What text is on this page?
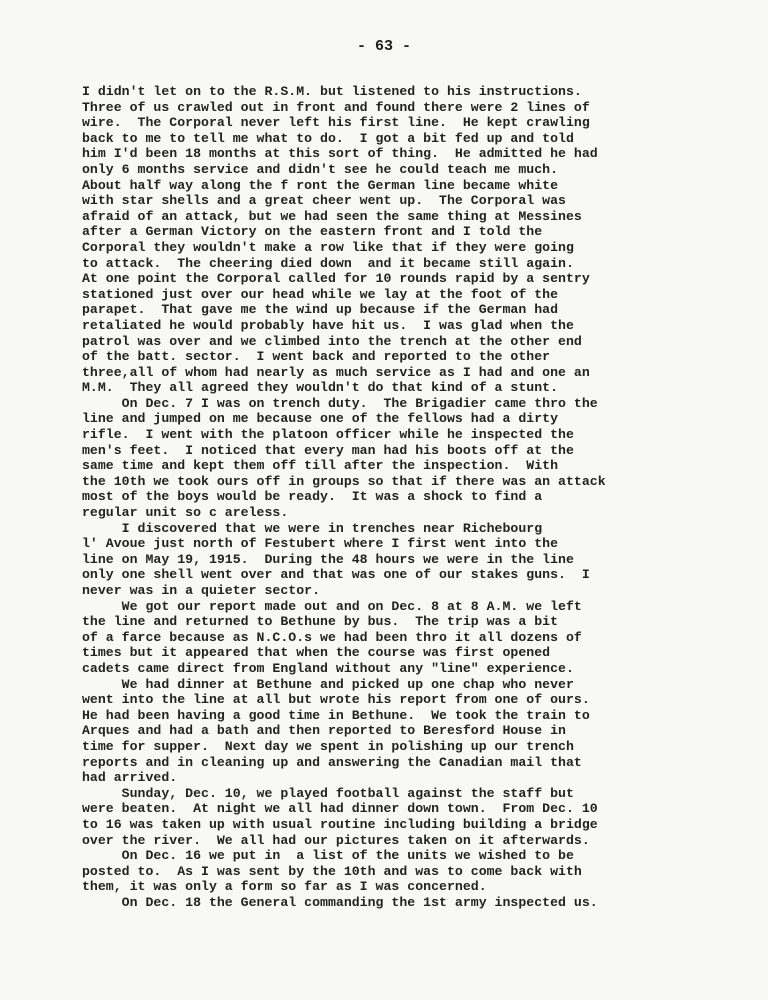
- 63 -
I didn't let on to the R.S.M. but listened to his instructions.
Three of us crawled out in front and found there were 2 lines of
wire.  The Corporal never left his first line.  He kept crawling
back to me to tell me what to do.  I got a bit fed up and told
him I'd been 18 months at this sort of thing.  He admitted he had
only 6 months service and didn't see he could teach me much.
About half way along the f ront the German line became white
with star shells and a great cheer went up.  The Corporal was
afraid of an attack, but we had seen the same thing at Messines
after a German Victory on the eastern front and I told the
Corporal they wouldn't make a row like that if they were going
to attack.  The cheering died down  and it became still again.
At one point the Corporal called for 10 rounds rapid by a sentry
stationed just over our head while we lay at the foot of the
parapet.  That gave me the wind up because if the German had
retaliated he would probably have hit us.  I was glad when the
patrol was over and we climbed into the trench at the other end
of the batt. sector.  I went back and reported to the other
three,all of whom had nearly as much service as I had and one an
M.M.  They all agreed they wouldn't do that kind of a stunt.
On Dec. 7 I was on trench duty.  The Brigadier came thro the
line and jumped on me because one of the fellows had a dirty
rifle.  I went with the platoon officer while he inspected the
men's feet.  I noticed that every man had his boots off at the
same time and kept them off till after the inspection.  With
the 10th we took ours off in groups so that if there was an attack
most of the boys would be ready.  It was a shock to find a
regular unit so c areless.
I discovered that we were in trenches near Richebourg
l' Avoue just north of Festubert where I first went into the
line on May 19, 1915.  During the 48 hours we were in the line
only one shell went over and that was one of our stakes guns.  I
never was in a quieter sector.
We got our report made out and on Dec. 8 at 8 A.M. we left
the line and returned to Bethune by bus.  The trip was a bit
of a farce because as N.C.O.s we had been thro it all dozens of
times but it appeared that when the course was first opened
cadets came direct from England without any "line" experience.
We had dinner at Bethune and picked up one chap who never
went into the line at all but wrote his report from one of ours.
He had been having a good time in Bethune.  We took the train to
Arques and had a bath and then reported to Beresford House in
time for supper.  Next day we spent in polishing up our trench
reports and in cleaning up and answering the Canadian mail that
had arrived.
Sunday, Dec. 10, we played football against the staff but
were beaten.  At night we all had dinner down town.  From Dec. 10
to 16 was taken up with usual routine including building a bridge
over the river.  We all had our pictures taken on it afterwards.
On Dec. 16 we put in  a list of the units we wished to be
posted to.  As I was sent by the 10th and was to come back with
them, it was only a form so far as I was concerned.
On Dec. 18 the General commanding the 1st army inspected us.
